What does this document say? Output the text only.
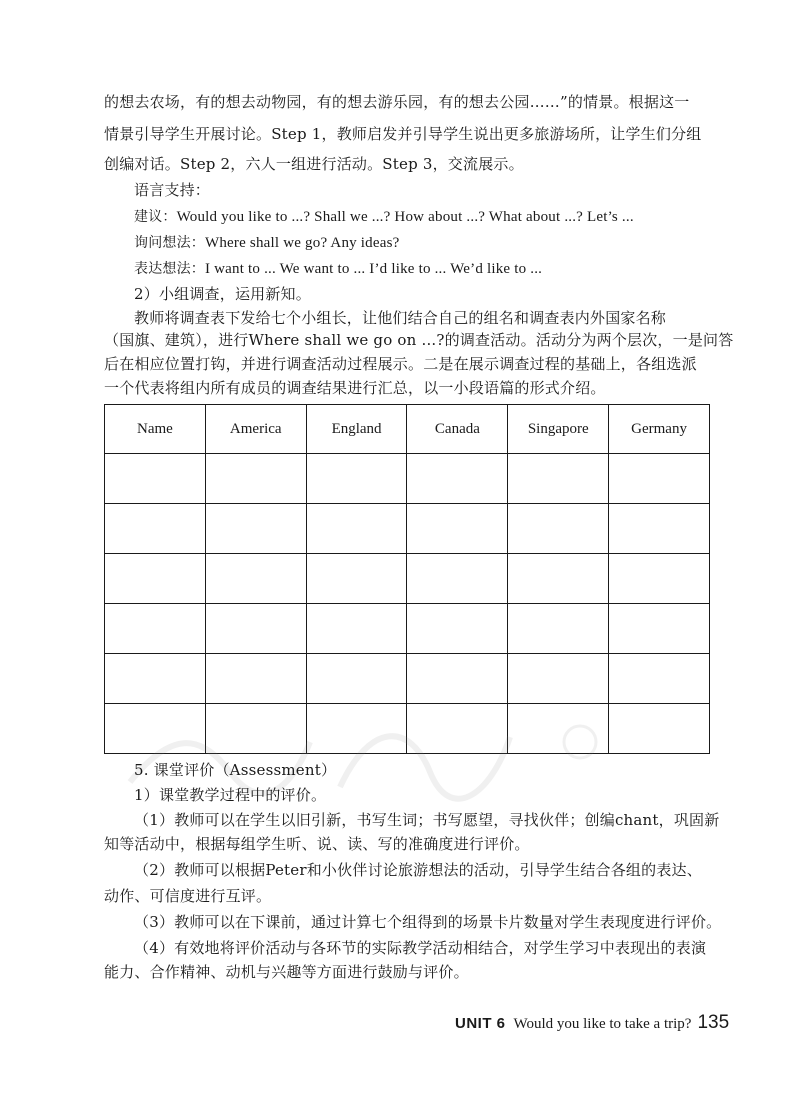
的想去农场，有的想去动物园，有的想去游乐园，有的想去公园……”的情景。根据这一
情景引导学生开展讨论。Step 1，教师启发并引导学生说出更多旅游场所，让学生们分组
创编对话。Step 2，六人一组进行活动。Step 3，交流展示。
语言支持：
建议：Would you like to ...? Shall we ...? How about ...? What about ...? Let’s ...
询问想法：Where shall we go? Any ideas?
表达想法：I want to ... We want to ... I’d like to ... We’d like to ...
2）小组调查，运用新知。
教师将调查表下发给七个小组长，让他们结合自己的组名和调查表内外国家名称
（国旗、建筑），进行Where shall we go on ...?的调查活动。活动分为两个层次，一是问答
后在相应位置打钩，并进行调查活动过程展示。二是在展示调查过程的基础上，各组选派
一个代表将组内所有成员的调查结果进行汇总，以一小段语篇的形式介绍。
Name	America	England	Canada	Singapore	Germany

5. 课堂评价（Assessment）
1）课堂教学过程中的评价。
（1）教师可以在学生以旧引新，书写生词；书写愿望，寻找伙伴；创编chant，巩固新
知等活动中，根据每组学生听、说、读、写的准确度进行评价。
（2）教师可以根据Peter和小伙伴讨论旅游想法的活动，引导学生结合各组的表达、
动作、可信度进行互评。
（3）教师可以在下课前，通过计算七个组得到的场景卡片数量对学生表现度进行评价。
（4）有效地将评价活动与各环节的实际教学活动相结合，对学生学习中表现出的表演
能力、合作精神、动机与兴趣等方面进行鼓励与评价。
UNIT 6 Would you like to take a trip? 135
